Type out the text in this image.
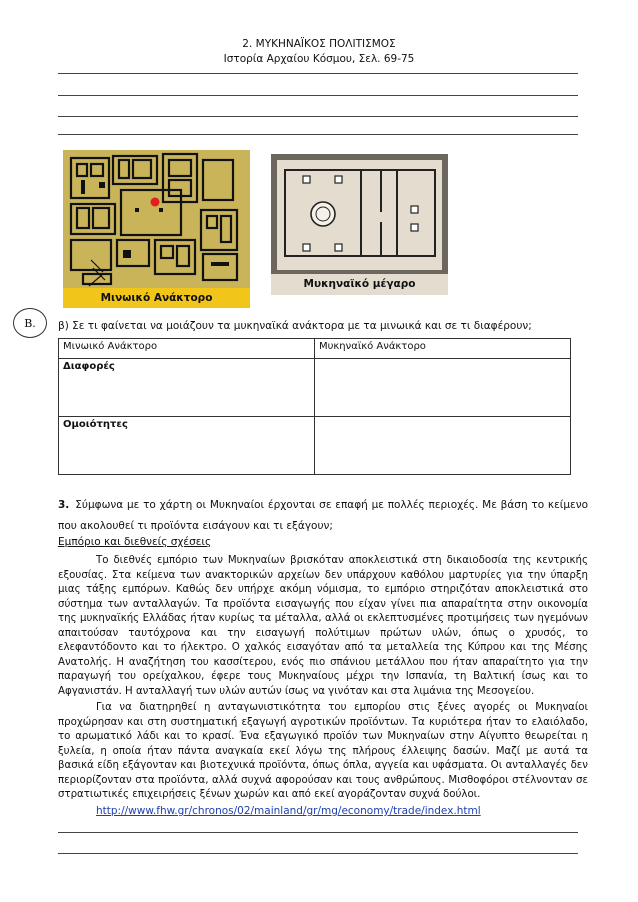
2. ΜΥΚΗΝΑΪΚΟΣ ΠΟΛΙΤΙΣΜΟΣ
Ιστορία Αρχαίου Κόσμου, Σελ. 69-75
Μινωικό Ανάκτορο
Μυκηναϊκό μέγαρο
Β.	β) Σε τι φαίνεται να μοιάζουν τα μυκηναϊκά ανάκτορα με τα μινωικά και σε τι διαφέρουν;
Μινωικό Ανάκτορο	Μυκηναϊκό Ανάκτορο
Διαφορές	
Ομοιότητες	
3. Σύμφωνα με το χάρτη οι Μυκηναίοι έρχονται σε επαφή με πολλές περιοχές. Με βάση το κείμενο που ακολουθεί τι προϊόντα εισάγουν και τι εξάγουν;
Εμπόριο και διεθνείς σχέσεις
Το διεθνές εμπόριο των Μυκηναίων βρισκόταν αποκλειστικά στη δικαιοδοσία της κεντρικής εξουσίας. Στα κείμενα των ανακτορικών αρχείων δεν υπάρχουν καθόλου μαρτυρίες για την ύπαρξη μιας τάξης εμπόρων. Καθώς δεν υπήρχε ακόμη νόμισμα, το εμπόριο στηριζόταν αποκλειστικά στο σύστημα των ανταλλαγών. Τα προϊόντα εισαγωγής που είχαν γίνει πια απαραίτητα στην οικονομία της μυκηναϊκής Ελλάδας ήταν κυρίως τα μέταλλα, αλλά οι εκλεπτυσμένες προτιμήσεις των ηγεμόνων απαιτούσαν ταυτόχρονα και την εισαγωγή πολύτιμων πρώτων υλών, όπως ο χρυσός, το ελεφαντόδοντο και το ήλεκτρο. Ο χαλκός εισαγόταν από τα μεταλλεία της Κύπρου και της Μέσης Ανατολής. Η αναζήτηση του κασσίτερου, ενός πιο σπάνιου μετάλλου που ήταν απαραίτητο για την παραγωγή του ορείχαλκου, έφερε τους Μυκηναίους μέχρι την Ισπανία, τη Βαλτική ίσως και το Αφγανιστάν. Η ανταλλαγή των υλών αυτών ίσως να γινόταν και στα λιμάνια της Μεσογείου.
Για να διατηρηθεί η ανταγωνιστικότητα του εμπορίου στις ξένες αγορές οι Μυκηναίοι προχώρησαν και στη συστηματική εξαγωγή αγροτικών προϊόντων. Τα κυριότερα ήταν το ελαιόλαδο, το αρωματικό λάδι και το κρασί. Ένα εξαγωγικό προϊόν των Μυκηναίων στην Αίγυπτο θεωρείται η ξυλεία, η οποία ήταν πάντα αναγκαία εκεί λόγω της πλήρους έλλειψης δασών. Μαζί με αυτά τα βασικά είδη εξάγονταν και βιοτεχνικά προϊόντα, όπως όπλα, αγγεία και υφάσματα. Οι ανταλλαγές δεν περιορίζονταν στα προϊόντα, αλλά συχνά αφορούσαν και τους ανθρώπους. Μισθοφόροι στέλνονταν σε στρατιωτικές επιχειρήσεις ξένων χωρών και από εκεί αγοράζονταν συχνά δούλοι.
http://www.fhw.gr/chronos/02/mainland/gr/mg/economy/trade/index.html
